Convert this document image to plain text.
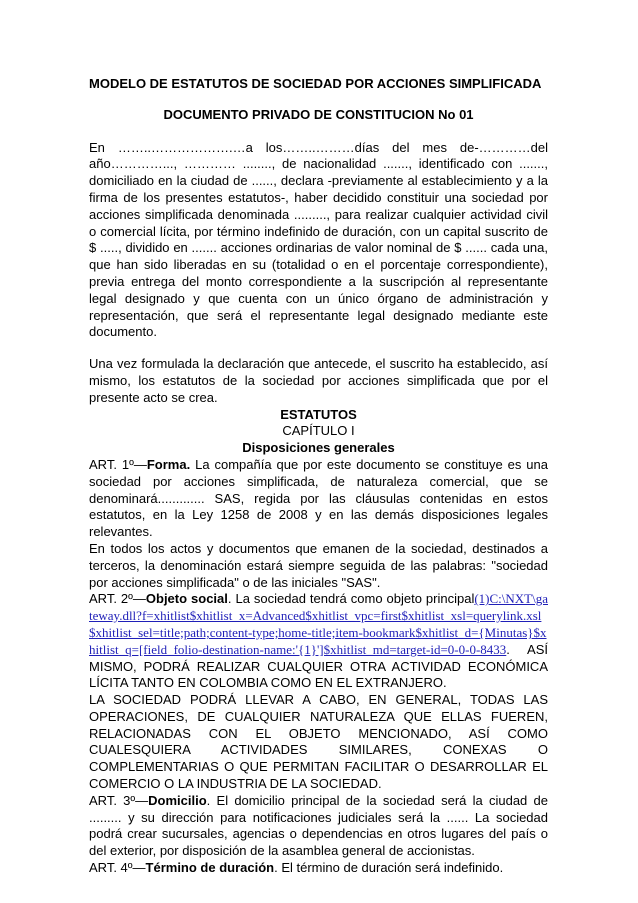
MODELO DE ESTATUTOS DE SOCIEDAD POR ACCIONES SIMPLIFICADA

DOCUMENTO PRIVADO DE CONSTITUCION No 01

En ……..……………….…a los……..………días del mes de-…………del año…………..., ………… ........, de nacionalidad ......., identificado con ......., domiciliado en la ciudad de ......, declara -previamente al establecimiento y a la firma de los presentes estatutos-, haber decidido constituir una sociedad por acciones simplificada denominada ........., para realizar cualquier actividad civil o comercial lícita, por término indefinido de duración, con un capital suscrito de $ ....., dividido en ....... acciones ordinarias de valor nominal de $ ...... cada una, que han sido liberadas en su (totalidad o en el porcentaje correspondiente), previa entrega del monto correspondiente a la suscripción al representante legal designado y que cuenta con un único órgano de administración y representación, que será el representante legal designado mediante este documento.

Una vez formulada la declaración que antecede, el suscrito ha establecido, así mismo, los estatutos de la sociedad por acciones simplificada que por el presente acto se crea.

ESTATUTOS

CAPÍTULO I

Disposiciones generales

ART. 1º—Forma. La compañía que por este documento se constituye es una sociedad por acciones simplificada, de naturaleza comercial, que se denominará............. SAS, regida por las cláusulas contenidas en estos estatutos, en la Ley 1258 de 2008 y en las demás disposiciones legales relevantes.

En todos los actos y documentos que emanen de la sociedad, destinados a terceros, la denominación estará siempre seguida de las palabras: "sociedad por acciones simplificada" o de las iniciales "SAS".

ART. 2º—Objeto social. La sociedad tendrá como objeto principal(1)C:\NXT\gateway.dll?f=xhitlist$xhitlist_x=Advanced$xhitlist_vpc=first$xhitlist_xsl=querylink.xsl$xhitlist_sel=title;path;content-type;home-title;item-bookmark$xhitlist_d={Minutas}$xhitlist_q=[field_folio-destination-name:'{1}']$xhitlist_md=target-id=0-0-0-8433. ASÍ MISMO, PODRÁ REALIZAR CUALQUIER OTRA ACTIVIDAD ECONÓMICA LÍCITA TANTO EN COLOMBIA COMO EN EL EXTRANJERO.

LA SOCIEDAD PODRÁ LLEVAR A CABO, EN GENERAL, TODAS LAS OPERACIONES, DE CUALQUIER NATURALEZA QUE ELLAS FUEREN, RELACIONADAS CON EL OBJETO MENCIONADO, ASÍ COMO CUALESQUIERA ACTIVIDADES SIMILARES, CONEXAS O COMPLEMENTARIAS O QUE PERMITAN FACILITAR O DESARROLLAR EL COMERCIO O LA INDUSTRIA DE LA SOCIEDAD.

ART. 3º—Domicilio. El domicilio principal de la sociedad será la ciudad de ......... y su dirección para notificaciones judiciales será la ...... La sociedad podrá crear sucursales, agencias o dependencias en otros lugares del país o del exterior, por disposición de la asamblea general de accionistas.

ART. 4º—Término de duración. El término de duración será indefinido.
